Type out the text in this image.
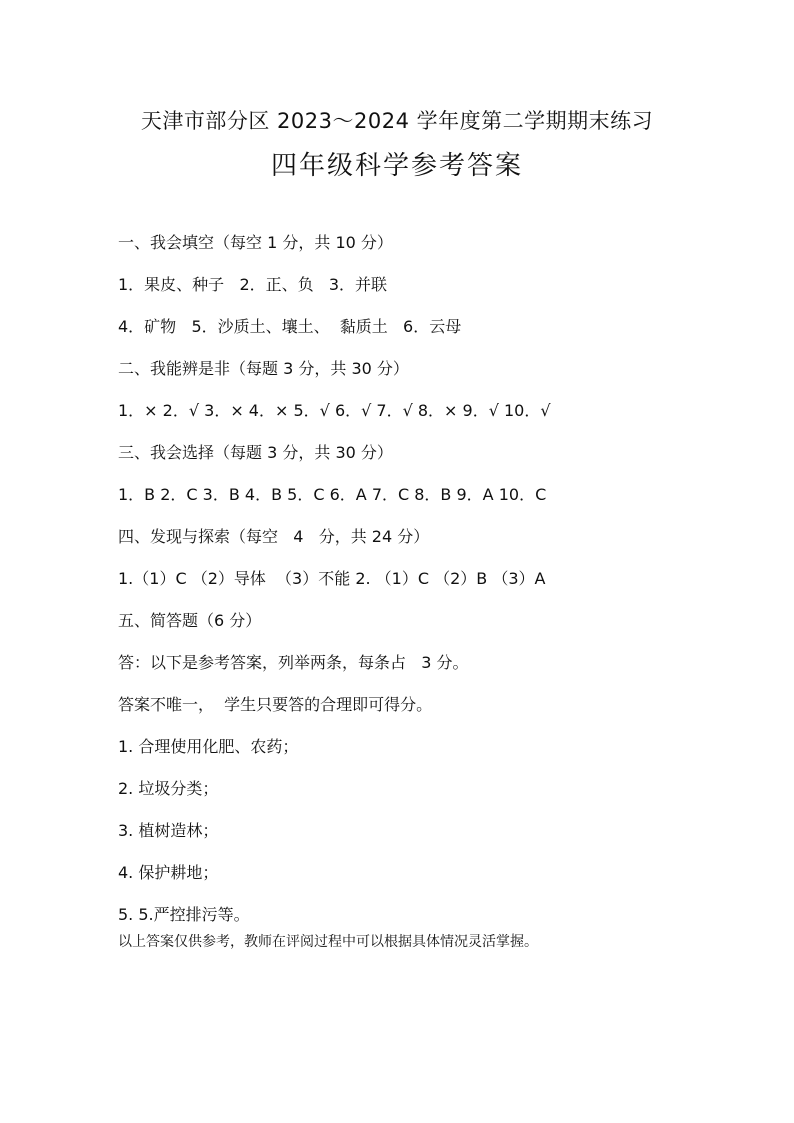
天津市部分区 2023～2024 学年度第二学期期末练习
四年级科学参考答案
一、我会填空（每空 1 分，共 10 分）
1．果皮、种子   2．正、负   3．并联
4．矿物   5．沙质土、壤土、  黏质土   6．云母
二、我能辨是非（每题 3 分，共 30 分）
1．× 2．√ 3．× 4．× 5．√ 6．√ 7．√ 8．× 9．√ 10．√
三、我会选择（每题 3 分，共 30 分）
1．B 2．C 3．B 4．B 5．C 6．A 7．C 8．B 9．A 10．C
四、发现与探索（每空   4   分，共 24 分）
1.（1）C （2）导体  （3）不能 2. （1）C （2）B （3）A
五、简答题（6 分）
答：以下是参考答案，列举两条，每条占   3 分。
答案不唯一，  学生只要答的合理即可得分。
1. 合理使用化肥、农药；
2. 垃圾分类；
3. 植树造林；
4. 保护耕地；
5. 5.严控排污等。
以上答案仅供参考，教师在评阅过程中可以根据具体情况灵活掌握。
